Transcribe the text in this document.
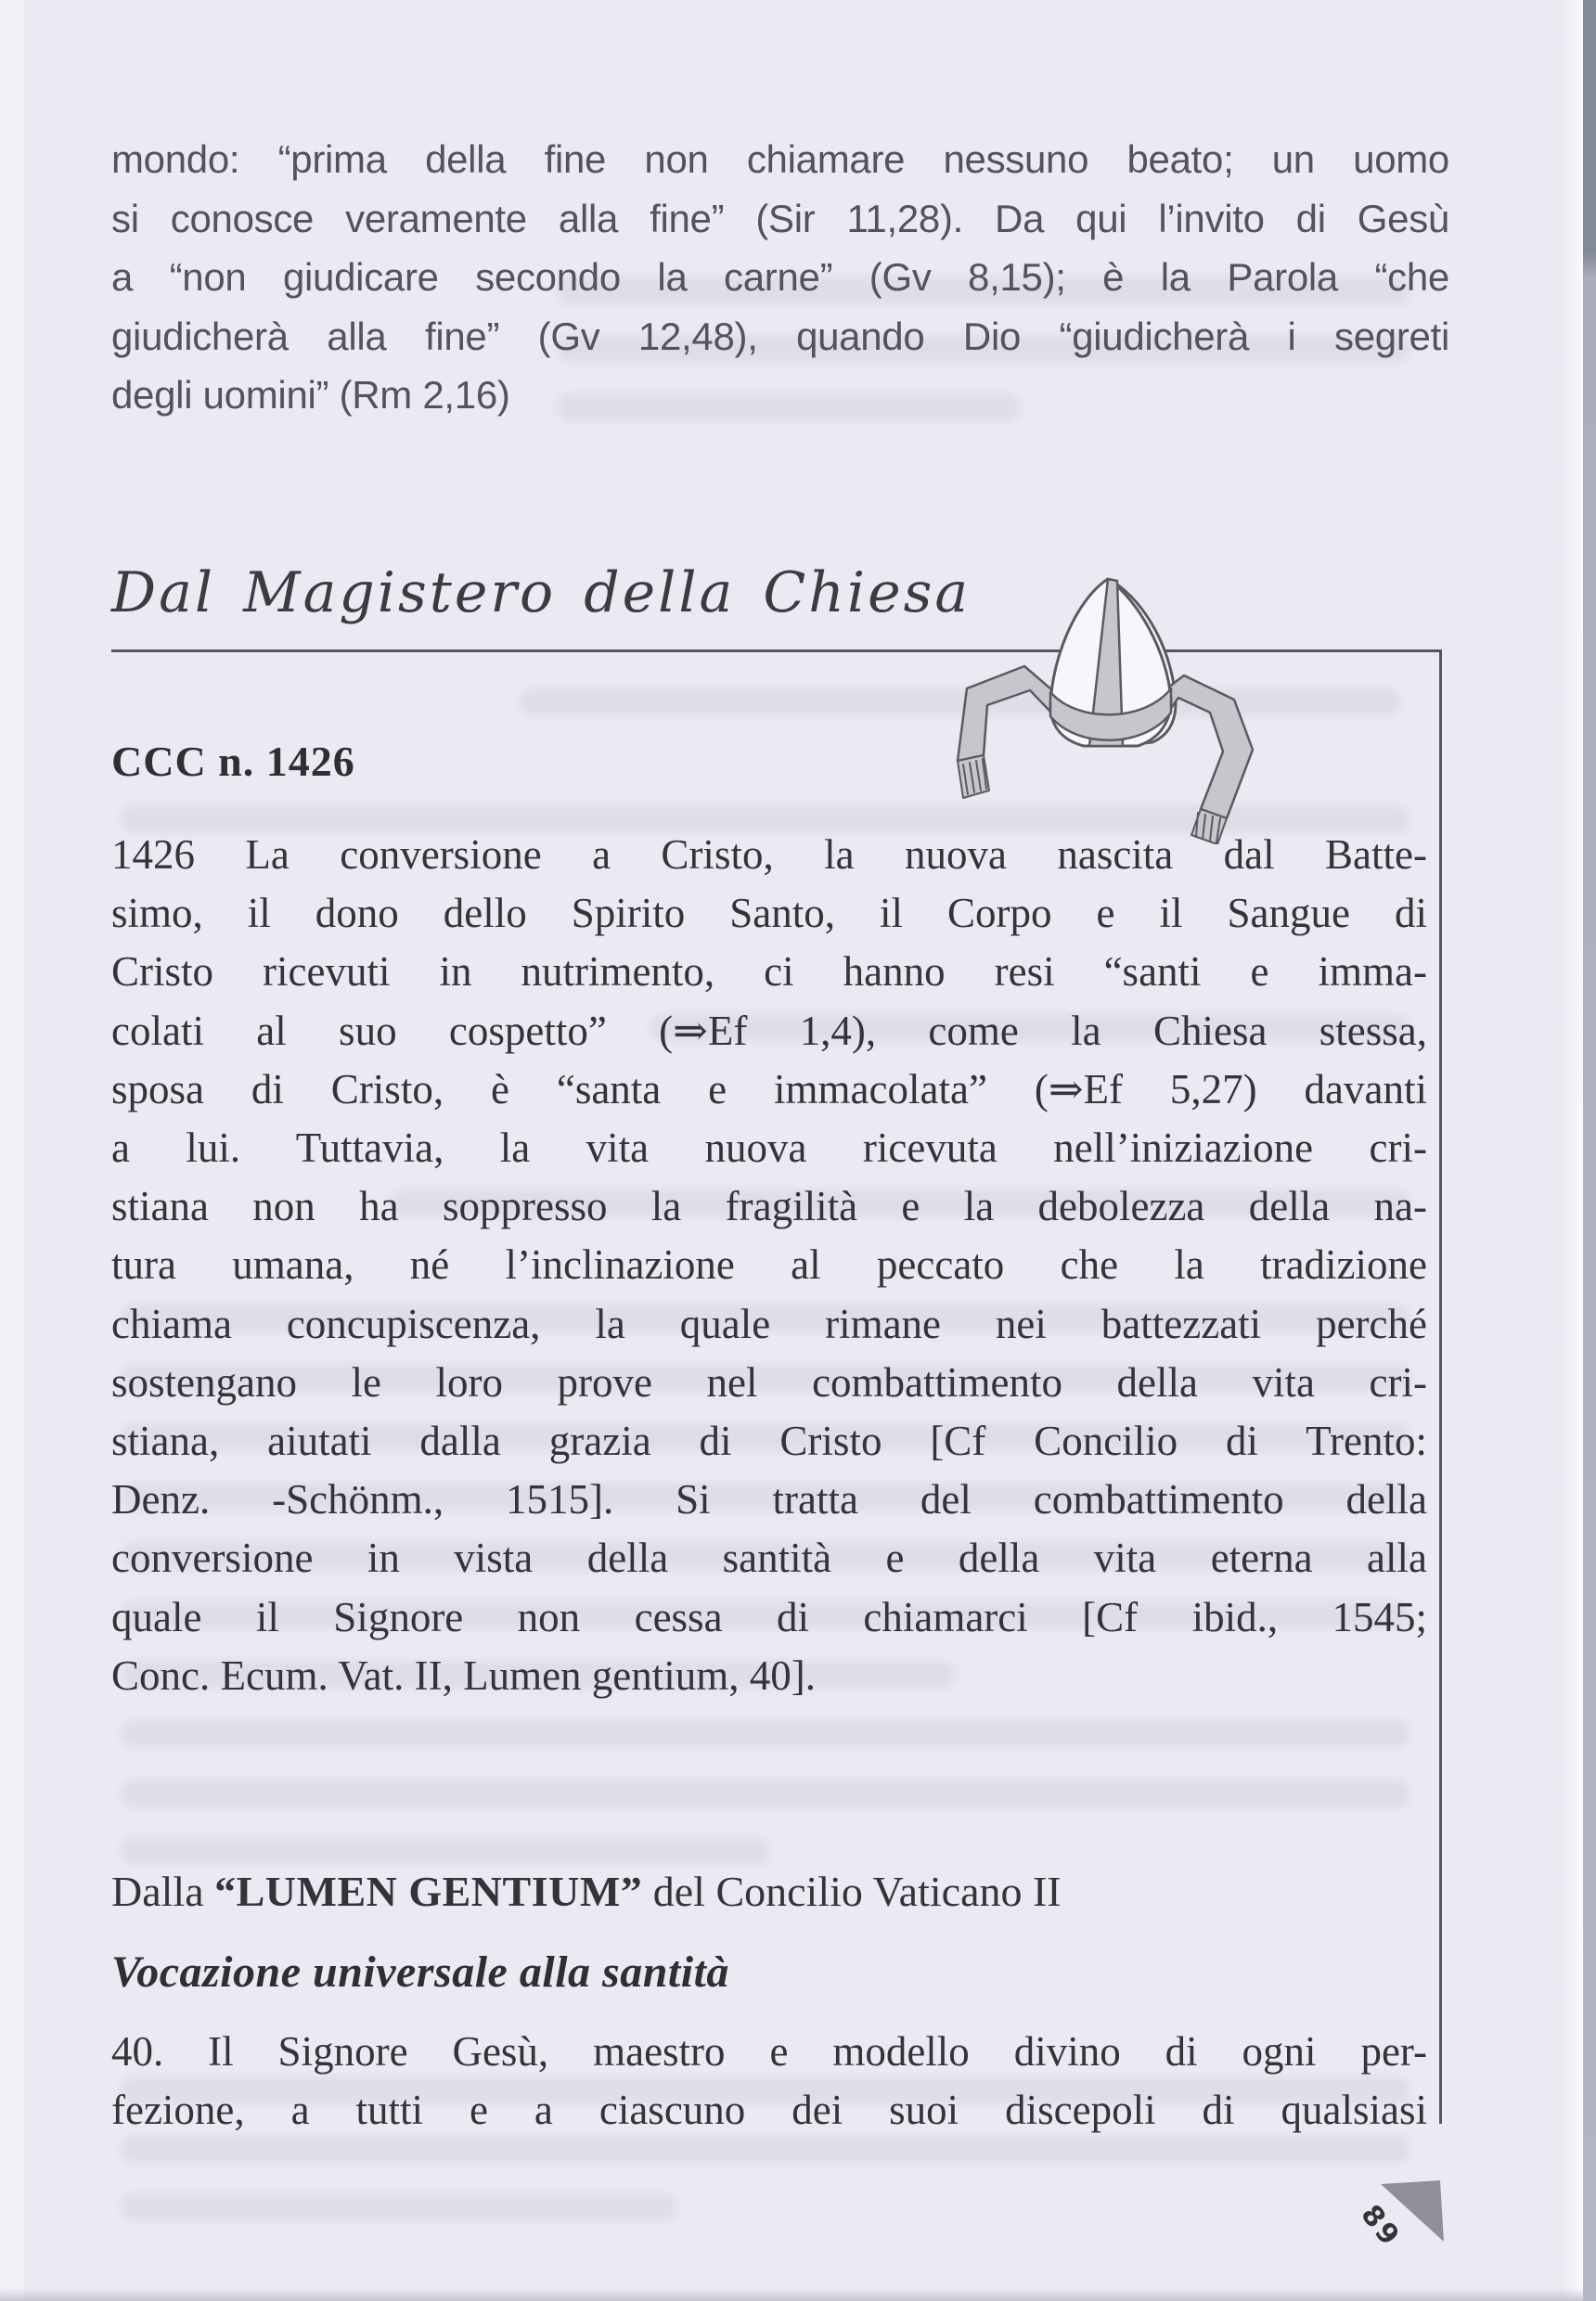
mondo: “prima della fine non chiamare nessuno beato; un uomo
si conosce veramente alla fine” (Sir 11,28). Da qui l’invito di Gesù
a “non giudicare secondo la carne” (Gv 8,15); è la Parola “che
giudicherà alla fine” (Gv 12,48), quando Dio “giudicherà i segreti
degli uomini” (Rm 2,16)
Dal Magistero della Chiesa
CCC n. 1426
1426 La conversione a Cristo, la nuova nascita dal Batte-
simo, il dono dello Spirito Santo, il Corpo e il Sangue di
Cristo ricevuti in nutrimento, ci hanno resi “santi e imma-
colati al suo cospetto” (⇒Ef 1,4), come la Chiesa stessa,
sposa di Cristo, è “santa e immacolata” (⇒Ef 5,27) davanti
a lui. Tuttavia, la vita nuova ricevuta nell’iniziazione cri-
stiana non ha soppresso la fragilità e la debolezza della na-
tura umana, né l’inclinazione al peccato che la tradizione
chiama concupiscenza, la quale rimane nei battezzati perché
sostengano le loro prove nel combattimento della vita cri-
stiana, aiutati dalla grazia di Cristo [Cf Concilio di Trento:
Denz. -Schönm., 1515]. Si tratta del combattimento della
conversione in vista della santità e della vita eterna alla
quale il Signore non cessa di chiamarci [Cf ibid., 1545;
Conc. Ecum. Vat. II, Lumen gentium, 40].
Dalla “LUMEN GENTIUM” del Concilio Vaticano II
Vocazione universale alla santità
40. Il Signore Gesù, maestro e modello divino di ogni per-
fezione, a tutti e a ciascuno dei suoi discepoli di qualsiasi
89
